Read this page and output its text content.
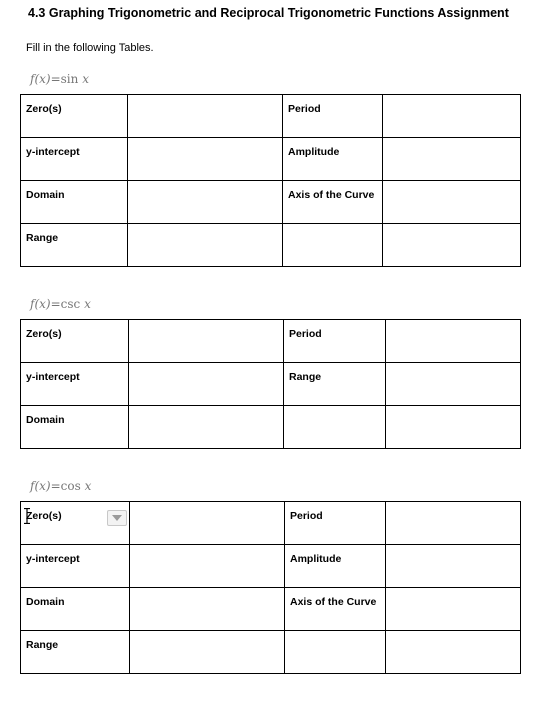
4.3 Graphing Trigonometric and Reciprocal Trigonometric Functions Assignment
Fill in the following Tables.
f(x)=sin x
Zero(s)		Period	
y-intercept		Amplitude	
Domain		Axis of the Curve	
Range			
f(x)=csc x
Zero(s)		Period	
y-intercept		Range	
Domain			
f(x)=cos x
Zero(s)		Period	
y-intercept		Amplitude	
Domain		Axis of the Curve	
Range			
